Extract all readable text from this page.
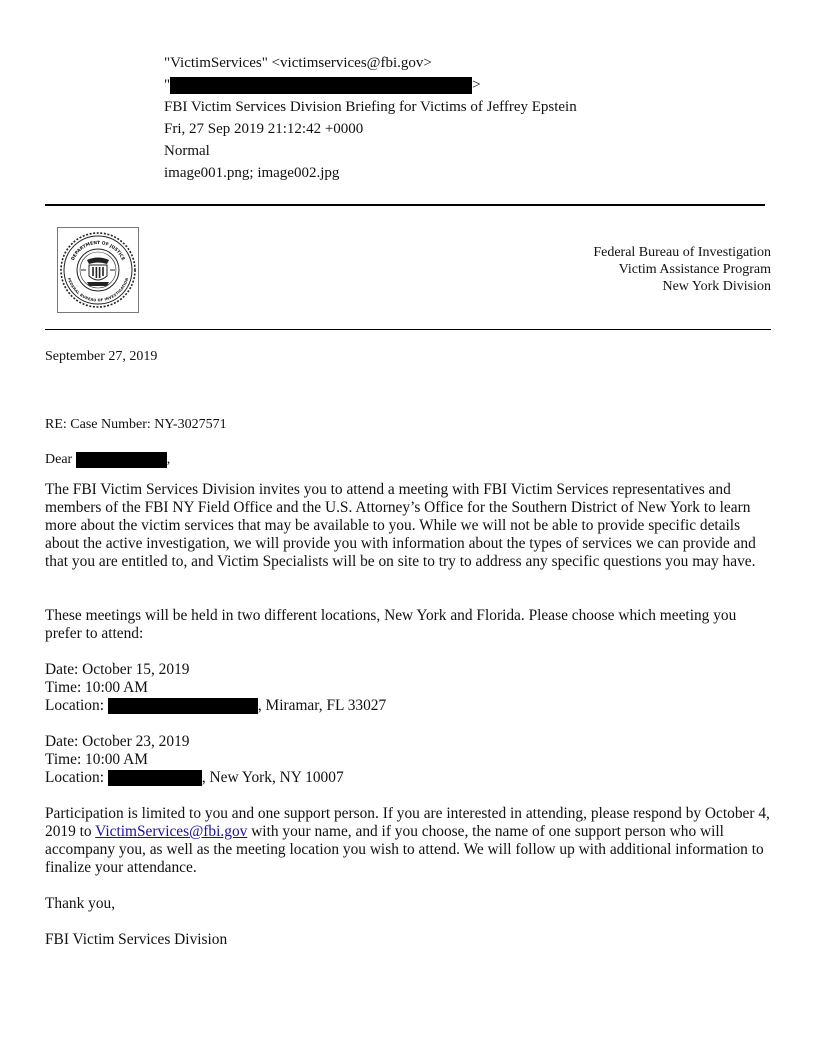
"VictimServices" <victimservices@fbi.gov>
"	>
FBI Victim Services Division Briefing for Victims of Jeffrey Epstein
Fri, 27 Sep 2019 21:12:42 +0000
Normal
image001.png; image002.jpg
DEPARTMENT OF JUSTICE
FEDERAL BUREAU OF INVESTIGATION
Federal Bureau of Investigation
Victim Assistance Program
New York Division
September 27, 2019
RE: Case Number: NY-3027571
Dear	,
The FBI Victim Services Division invites you to attend a meeting with FBI Victim Services representatives and members of the FBI NY Field Office and the U.S. Attorney’s Office for the Southern District of New York to learn more about the victim services that may be available to you. While we will not be able to provide specific details about the active investigation, we will provide you with information about the types of services we can provide and that you are entitled to, and Victim Specialists will be on site to try to address any specific questions you may have.
These meetings will be held in two different locations, New York and Florida. Please choose which meeting you prefer to attend:
Date: October 15, 2019
Time: 10:00 AM
Location:	, Miramar, FL 33027
Date: October 23, 2019
Time: 10:00 AM
Location:	, New York, NY 10007
Participation is limited to you and one support person. If you are interested in attending, please respond by October 4, 2019 to VictimServices@fbi.gov with your name, and if you choose, the name of one support person who will accompany you, as well as the meeting location you wish to attend. We will follow up with additional information to finalize your attendance.
Thank you,
FBI Victim Services Division
